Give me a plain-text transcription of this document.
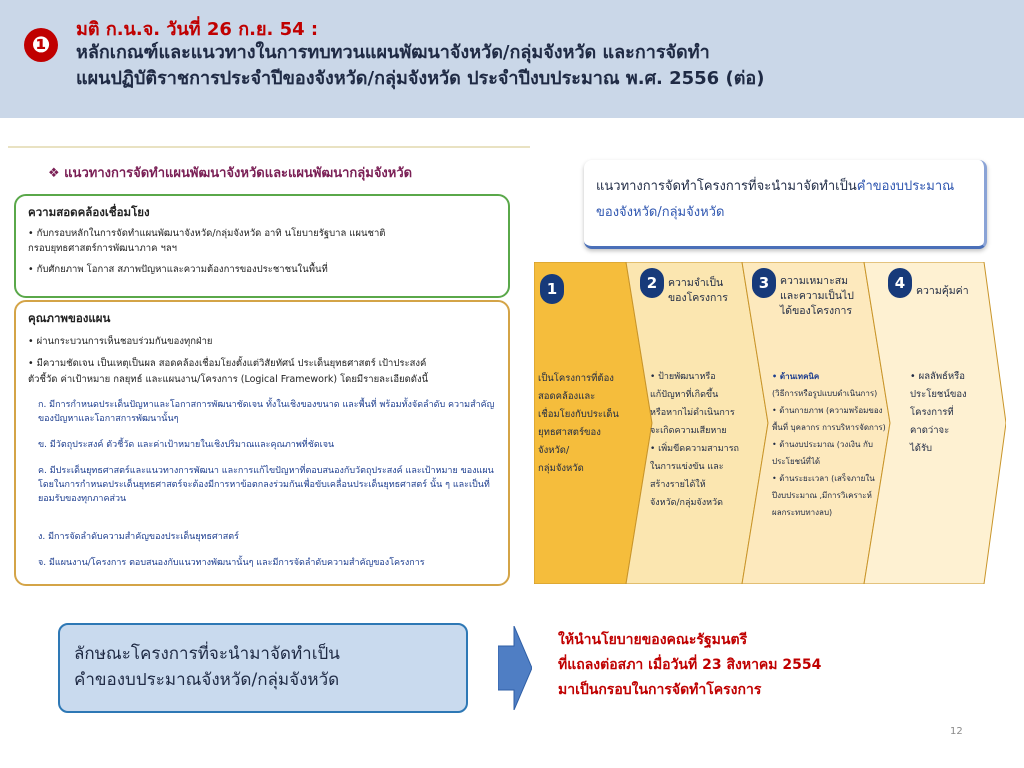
❶
มติ ก.น.จ. วันที่ 26 ก.ย. 54 :
หลักเกณฑ์และแนวทางในการทบทวนแผนพัฒนาจังหวัด/กลุ่มจังหวัด และการจัดทำ
แผนปฏิบัติราชการประจำปีของจังหวัด/กลุ่มจังหวัด ประจำปีงบประมาณ พ.ศ. 2556 (ต่อ)
❖ แนวทางการจัดทำแผนพัฒนาจังหวัดและแผนพัฒนากลุ่มจังหวัด
ความสอดคล้องเชื่อมโยง
• กับกรอบหลักในการจัดทำแผนพัฒนาจังหวัด/กลุ่มจังหวัด อาทิ นโยบายรัฐบาล แผนชาติ
กรอบยุทธศาสตร์การพัฒนาภาค ฯลฯ
• กับศักยภาพ โอกาส สภาพปัญหาและความต้องการของประชาชนในพื้นที่
คุณภาพของแผน
• ผ่านกระบวนการเห็นชอบร่วมกันของทุกฝ่าย
• มีความชัดเจน เป็นเหตุเป็นผล สอดคล้องเชื่อมโยงตั้งแต่วิสัยทัศน์ ประเด็นยุทธศาสตร์ เป้าประสงค์
ตัวชี้วัด ค่าเป้าหมาย กลยุทธ์ และแผนงาน/โครงการ (Logical Framework) โดยมีรายละเอียดดังนี้
ก. มีการกำหนดประเด็นปัญหาและโอกาสการพัฒนาชัดเจน ทั้งในเชิงของขนาด และพื้นที่ พร้อมทั้งจัดลำดับ ความสำคัญของปัญหาและโอกาสการพัฒนานั้นๆ
ข. มีวัตถุประสงค์ ตัวชี้วัด และค่าเป้าหมายในเชิงปริมาณและคุณภาพที่ชัดเจน
ค. มีประเด็นยุทธศาสตร์และแนวทางการพัฒนา และการแก้ไขปัญหาที่ตอบสนองกับวัตถุประสงค์ และเป้าหมาย ของแผน โดยในการกำหนดประเด็นยุทธศาสตร์จะต้องมีการหาข้อตกลงร่วมกันเพื่อขับเคลื่อนประเด็นยุทธศาสตร์ นั้น ๆ และเป็นที่ยอมรับของทุกภาคส่วน
ง. มีการจัดลำดับความสำคัญของประเด็นยุทธศาสตร์
จ. มีแผนงาน/โครงการ ตอบสนองกับแนวทางพัฒนานั้นๆ และมีการจัดลำดับความสำคัญของโครงการ
แนวทางการจัดทำโครงการที่จะนำมาจัดทำเป็นคำของบประมาณ
ของจังหวัด/กลุ่มจังหวัด
1
เป็นโครงการที่ต้อง
สอดคล้องและ
เชื่อมโยงกับประเด็น
ยุทธศาสตร์ของจังหวัด/
กลุ่มจังหวัด
2	ความจำเป็น
ของโครงการ
• ป้ายพัฒนาหรือ
แก้ปัญหาที่เกิดขึ้น
หรือหากไม่ดำเนินการ
จะเกิดความเสียหาย
• เพิ่มขีดความสามารถ
ในการแข่งขัน และ
สร้างรายได้ให้
จังหวัด/กลุ่มจังหวัด
3	ความเหมาะสม
และความเป็นไป
ได้ของโครงการ
• ด้านเทคนิค
(วิธีการหรือรูปแบบดำเนินการ)
• ด้านกายภาพ (ความพร้อมของ
พื้นที่ บุคลากร การบริหารจัดการ)
• ด้านงบประมาณ (วงเงิน กับ
ประโยชน์ที่ได้
• ด้านระยะเวลา (เสร็จภายใน
ปีงบประมาณ ,มีการวิเคราะห์
ผลกระทบทางลบ)
4	ความคุ้มค่า
• ผลลัพธ์หรือ
ประโยชน์ของ
โครงการที่
คาดว่าจะ
ได้รับ
ลักษณะโครงการที่จะนำมาจัดทำเป็น
คำของบประมาณจังหวัด/กลุ่มจังหวัด
ให้นำนโยบายของคณะรัฐมนตรี
ที่แถลงต่อสภา เมื่อวันที่ 23 สิงหาคม 2554
มาเป็นกรอบในการจัดทำโครงการ
12
